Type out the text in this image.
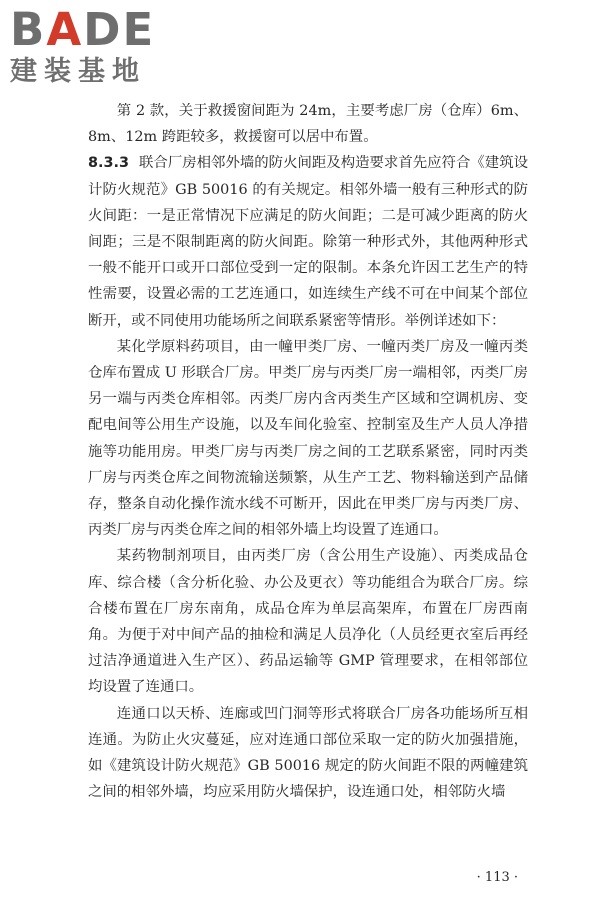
BADE
建装基地

第 2 款，关于救援窗间距为 24m，主要考虑厂房（仓库）6m、8m、12m 跨距较多，救援窗可以居中布置。

8.3.3 联合厂房相邻外墙的防火间距及构造要求首先应符合《建筑设计防火规范》GB 50016 的有关规定。相邻外墙一般有三种形式的防火间距：一是正常情况下应满足的防火间距；二是可减少距离的防火间距；三是不限制距离的防火间距。除第一种形式外，其他两种形式一般不能开口或开口部位受到一定的限制。本条允许因工艺生产的特性需要，设置必需的工艺连通口，如连续生产线不可在中间某个部位断开，或不同使用功能场所之间联系紧密等情形。举例详述如下：

某化学原料药项目，由一幢甲类厂房、一幢丙类厂房及一幢丙类仓库布置成 U 形联合厂房。甲类厂房与丙类厂房一端相邻，丙类厂房另一端与丙类仓库相邻。丙类厂房内含丙类生产区域和空调机房、变配电间等公用生产设施，以及车间化验室、控制室及生产人员人净措施等功能用房。甲类厂房与丙类厂房之间的工艺联系紧密，同时丙类厂房与丙类仓库之间物流输送频繁，从生产工艺、物料输送到产品储存，整条自动化操作流水线不可断开，因此在甲类厂房与丙类厂房、丙类厂房与丙类仓库之间的相邻外墙上均设置了连通口。

某药物制剂项目，由丙类厂房（含公用生产设施）、丙类成品仓库、综合楼（含分析化验、办公及更衣）等功能组合为联合厂房。综合楼布置在厂房东南角，成品仓库为单层高架库，布置在厂房西南角。为便于对中间产品的抽检和满足人员净化（人员经更衣室后再经过洁净通道进入生产区）、药品运输等 GMP 管理要求，在相邻部位均设置了连通口。

连通口以天桥、连廊或凹门洞等形式将联合厂房各功能场所互相连通。为防止火灾蔓延，应对连通口部位采取一定的防火加强措施，如《建筑设计防火规范》GB 50016 规定的防火间距不限的两幢建筑之间的相邻外墙，均应采用防火墙保护，设连通口处，相邻防火墙

· 113 ·
